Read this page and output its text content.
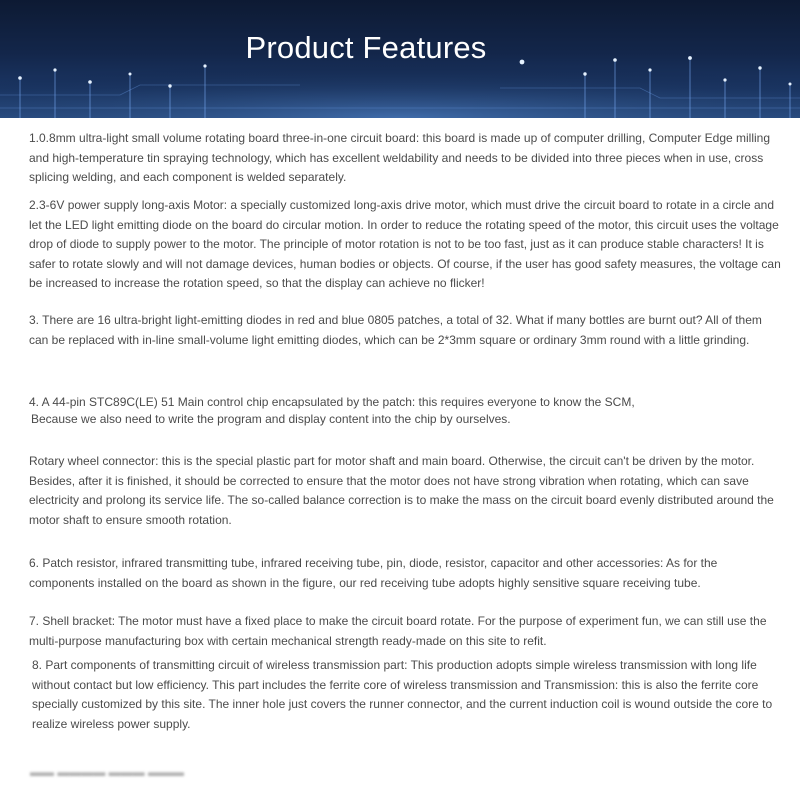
Product Features
1.0.8mm ultra-light small volume rotating board three-in-one circuit board: this board is made up of computer drilling, Computer Edge milling and high-temperature tin spraying technology, which has excellent weldability and needs to be divided into three pieces when in use, cross splicing welding, and each component is welded separately.
2.3-6V power supply long-axis Motor: a specially customized long-axis drive motor, which must drive the circuit board to rotate in a circle and let the LED light emitting diode on the board do circular motion. In order to reduce the rotating speed of the motor, this circuit uses the voltage drop of diode to supply power to the motor. The principle of motor rotation is not to be too fast, just as it can produce stable characters! It is safer to rotate slowly and will not damage devices, human bodies or objects. Of course, if the user has good safety measures, the voltage can be increased to increase the rotation speed, so that the display can achieve no flicker!
3. There are 16 ultra-bright light-emitting diodes in red and blue 0805 patches, a total of 32. What if many bottles are burnt out? All of them can be replaced with in-line small-volume light emitting diodes, which can be 2*3mm square or ordinary 3mm round with a little grinding.
4. A 44-pin STC89C(LE) 51 Main control chip encapsulated by the patch: this requires everyone to know the SCM,
Because we also need to write the program and display content into the chip by ourselves.
Rotary wheel connector: this is the special plastic part for motor shaft and main board. Otherwise, the circuit can't be driven by the motor. Besides, after it is finished, it should be corrected to ensure that the motor does not have strong vibration when rotating, which can save electricity and prolong its service life. The so-called balance correction is to make the mass on the circuit board evenly distributed around the motor shaft to ensure smooth rotation.
6. Patch resistor, infrared transmitting tube, infrared receiving tube, pin, diode, resistor, capacitor and other accessories: As for the components installed on the board as shown in the figure, our red receiving tube adopts highly sensitive square receiving tube.
7. Shell bracket: The motor must have a fixed place to make the circuit board rotate. For the purpose of experiment fun, we can still use the multi-purpose manufacturing box with certain mechanical strength ready-made on this site to refit.
8. Part components of transmitting circuit of wireless transmission part: This production adopts simple wireless transmission with long life without contact but low efficiency. This part includes the ferrite core of wireless transmission and Transmission: this is also the ferrite core specially customized by this site. The inner hole just covers the runner connector, and the current induction coil is wound outside the core to realize wireless power supply.
▬▬ ▬▬▬▬ ▬▬▬ ▬▬▬
